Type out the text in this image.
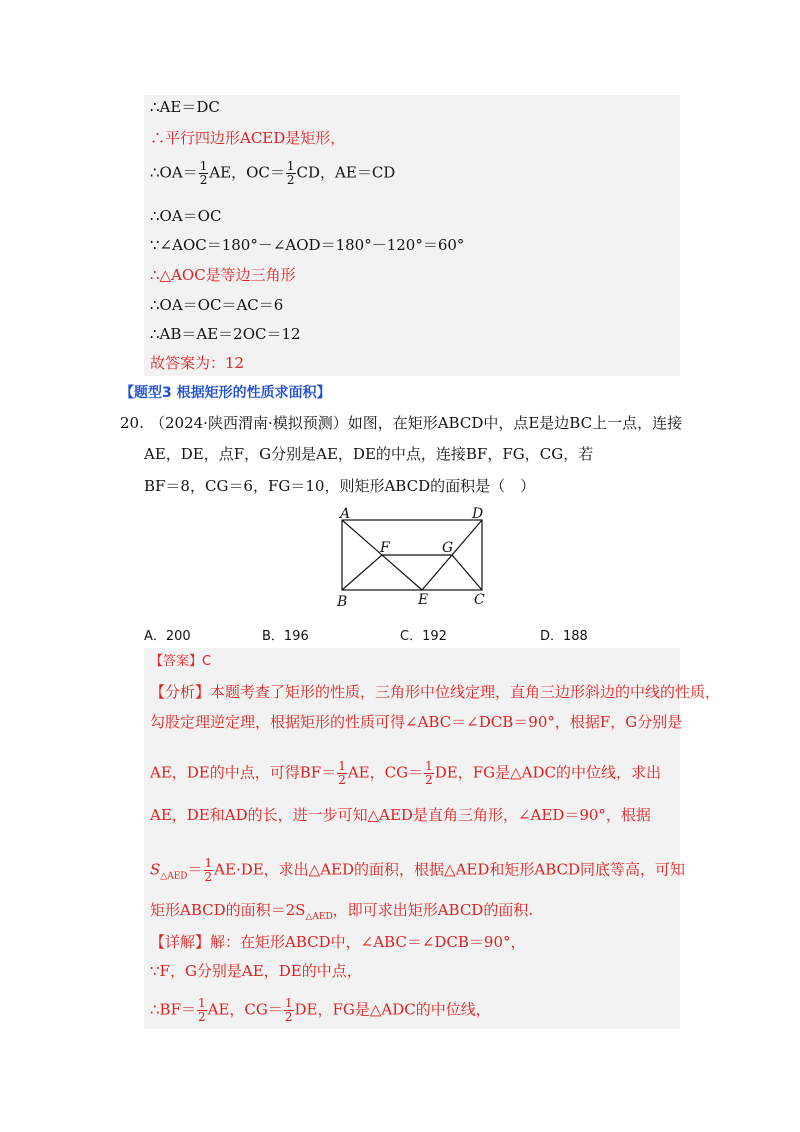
∴AE＝DC
∴平行四边形ACED是矩形，
∴OA＝ $\frac{1}{2}$ AE，$OC= \frac{1}{2}$ CD，AE＝CD
∴OA＝OC
∵∠AOC＝180°－∠AOD＝180°－120°＝60°
∴△AOC是等边三角形
∴OA＝OC＝AC＝6
∴AB＝AE＝2OC＝12
故答案为：12
【题型3 根据矩形的性质求面积】
20. （2024·陕西渭南·模拟预测）如图，在矩形ABCD中，点E是边BC上一点，连接
AE，DE，点F，G分别是AE，DE的中点，连接BF，FG，CG，若
BF＝8，CG＝6，FG＝10，则矩形ABCD的面积是（　）
A	D
B	E	C
F	G
A．200	B．196	C．192	D．188
【答案】C
【分析】本题考查了矩形的性质，三角形中位线定理，直角三边形斜边的中线的性质，
勾股定理逆定理，根据矩形的性质可得∠ABC＝∠DCB＝90°，根据F，G分别是
AE，DE的中点，可得$BF= \frac{1}{2}$ AE，$CG= \frac{1}{2}$ DE，FG是△ADC的中位线，求出
AE，DE和AD的长，进一步可知△AED是直角三角形，∠AED＝90°，根据
$S_{\triangle AED}= \frac{1}{2} AE\cdot DE$，求出△AED的面积，根据△AED和矩形ABCD同底等高，可知
矩形ABCD的面积$=2S_{\triangle AED}$，即可求出矩形ABCD的面积.
【详解】解：在矩形ABCD中，∠ABC＝∠DCB＝90°，
∵F，G分别是AE，DE的中点，
∴BF＝ $\frac{1}{2}$ AE，$CG= \frac{1}{2}$ DE，FG是△ADC的中位线，
